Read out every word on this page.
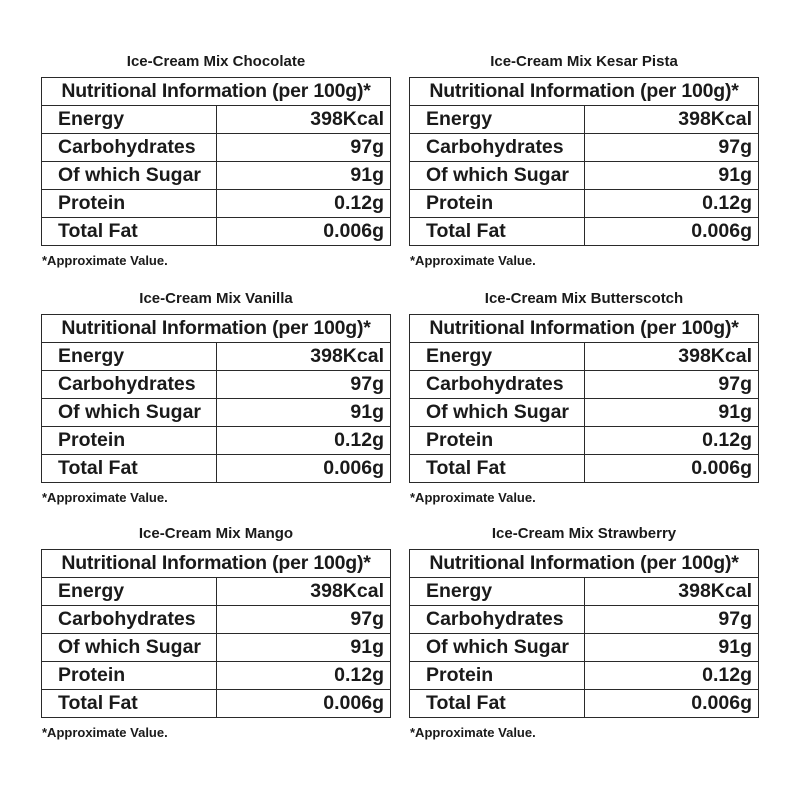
Ice-Cream Mix Chocolate
Nutritional Information (per 100g)*	
Energy	398Kcal
Carbohydrates	97g
Of which Sugar	91g
Protein	0.12g
Total Fat	0.006g
*Approximate Value.
Ice-Cream Mix Kesar Pista
Nutritional Information (per 100g)*	
Energy	398Kcal
Carbohydrates	97g
Of which Sugar	91g
Protein	0.12g
Total Fat	0.006g
*Approximate Value.
Ice-Cream Mix Vanilla
Nutritional Information (per 100g)*	
Energy	398Kcal
Carbohydrates	97g
Of which Sugar	91g
Protein	0.12g
Total Fat	0.006g
*Approximate Value.
Ice-Cream Mix Butterscotch
Nutritional Information (per 100g)*	
Energy	398Kcal
Carbohydrates	97g
Of which Sugar	91g
Protein	0.12g
Total Fat	0.006g
*Approximate Value.
Ice-Cream Mix Mango
Nutritional Information (per 100g)*	
Energy	398Kcal
Carbohydrates	97g
Of which Sugar	91g
Protein	0.12g
Total Fat	0.006g
*Approximate Value.
Ice-Cream Mix Strawberry
Nutritional Information (per 100g)*	
Energy	398Kcal
Carbohydrates	97g
Of which Sugar	91g
Protein	0.12g
Total Fat	0.006g
*Approximate Value.
